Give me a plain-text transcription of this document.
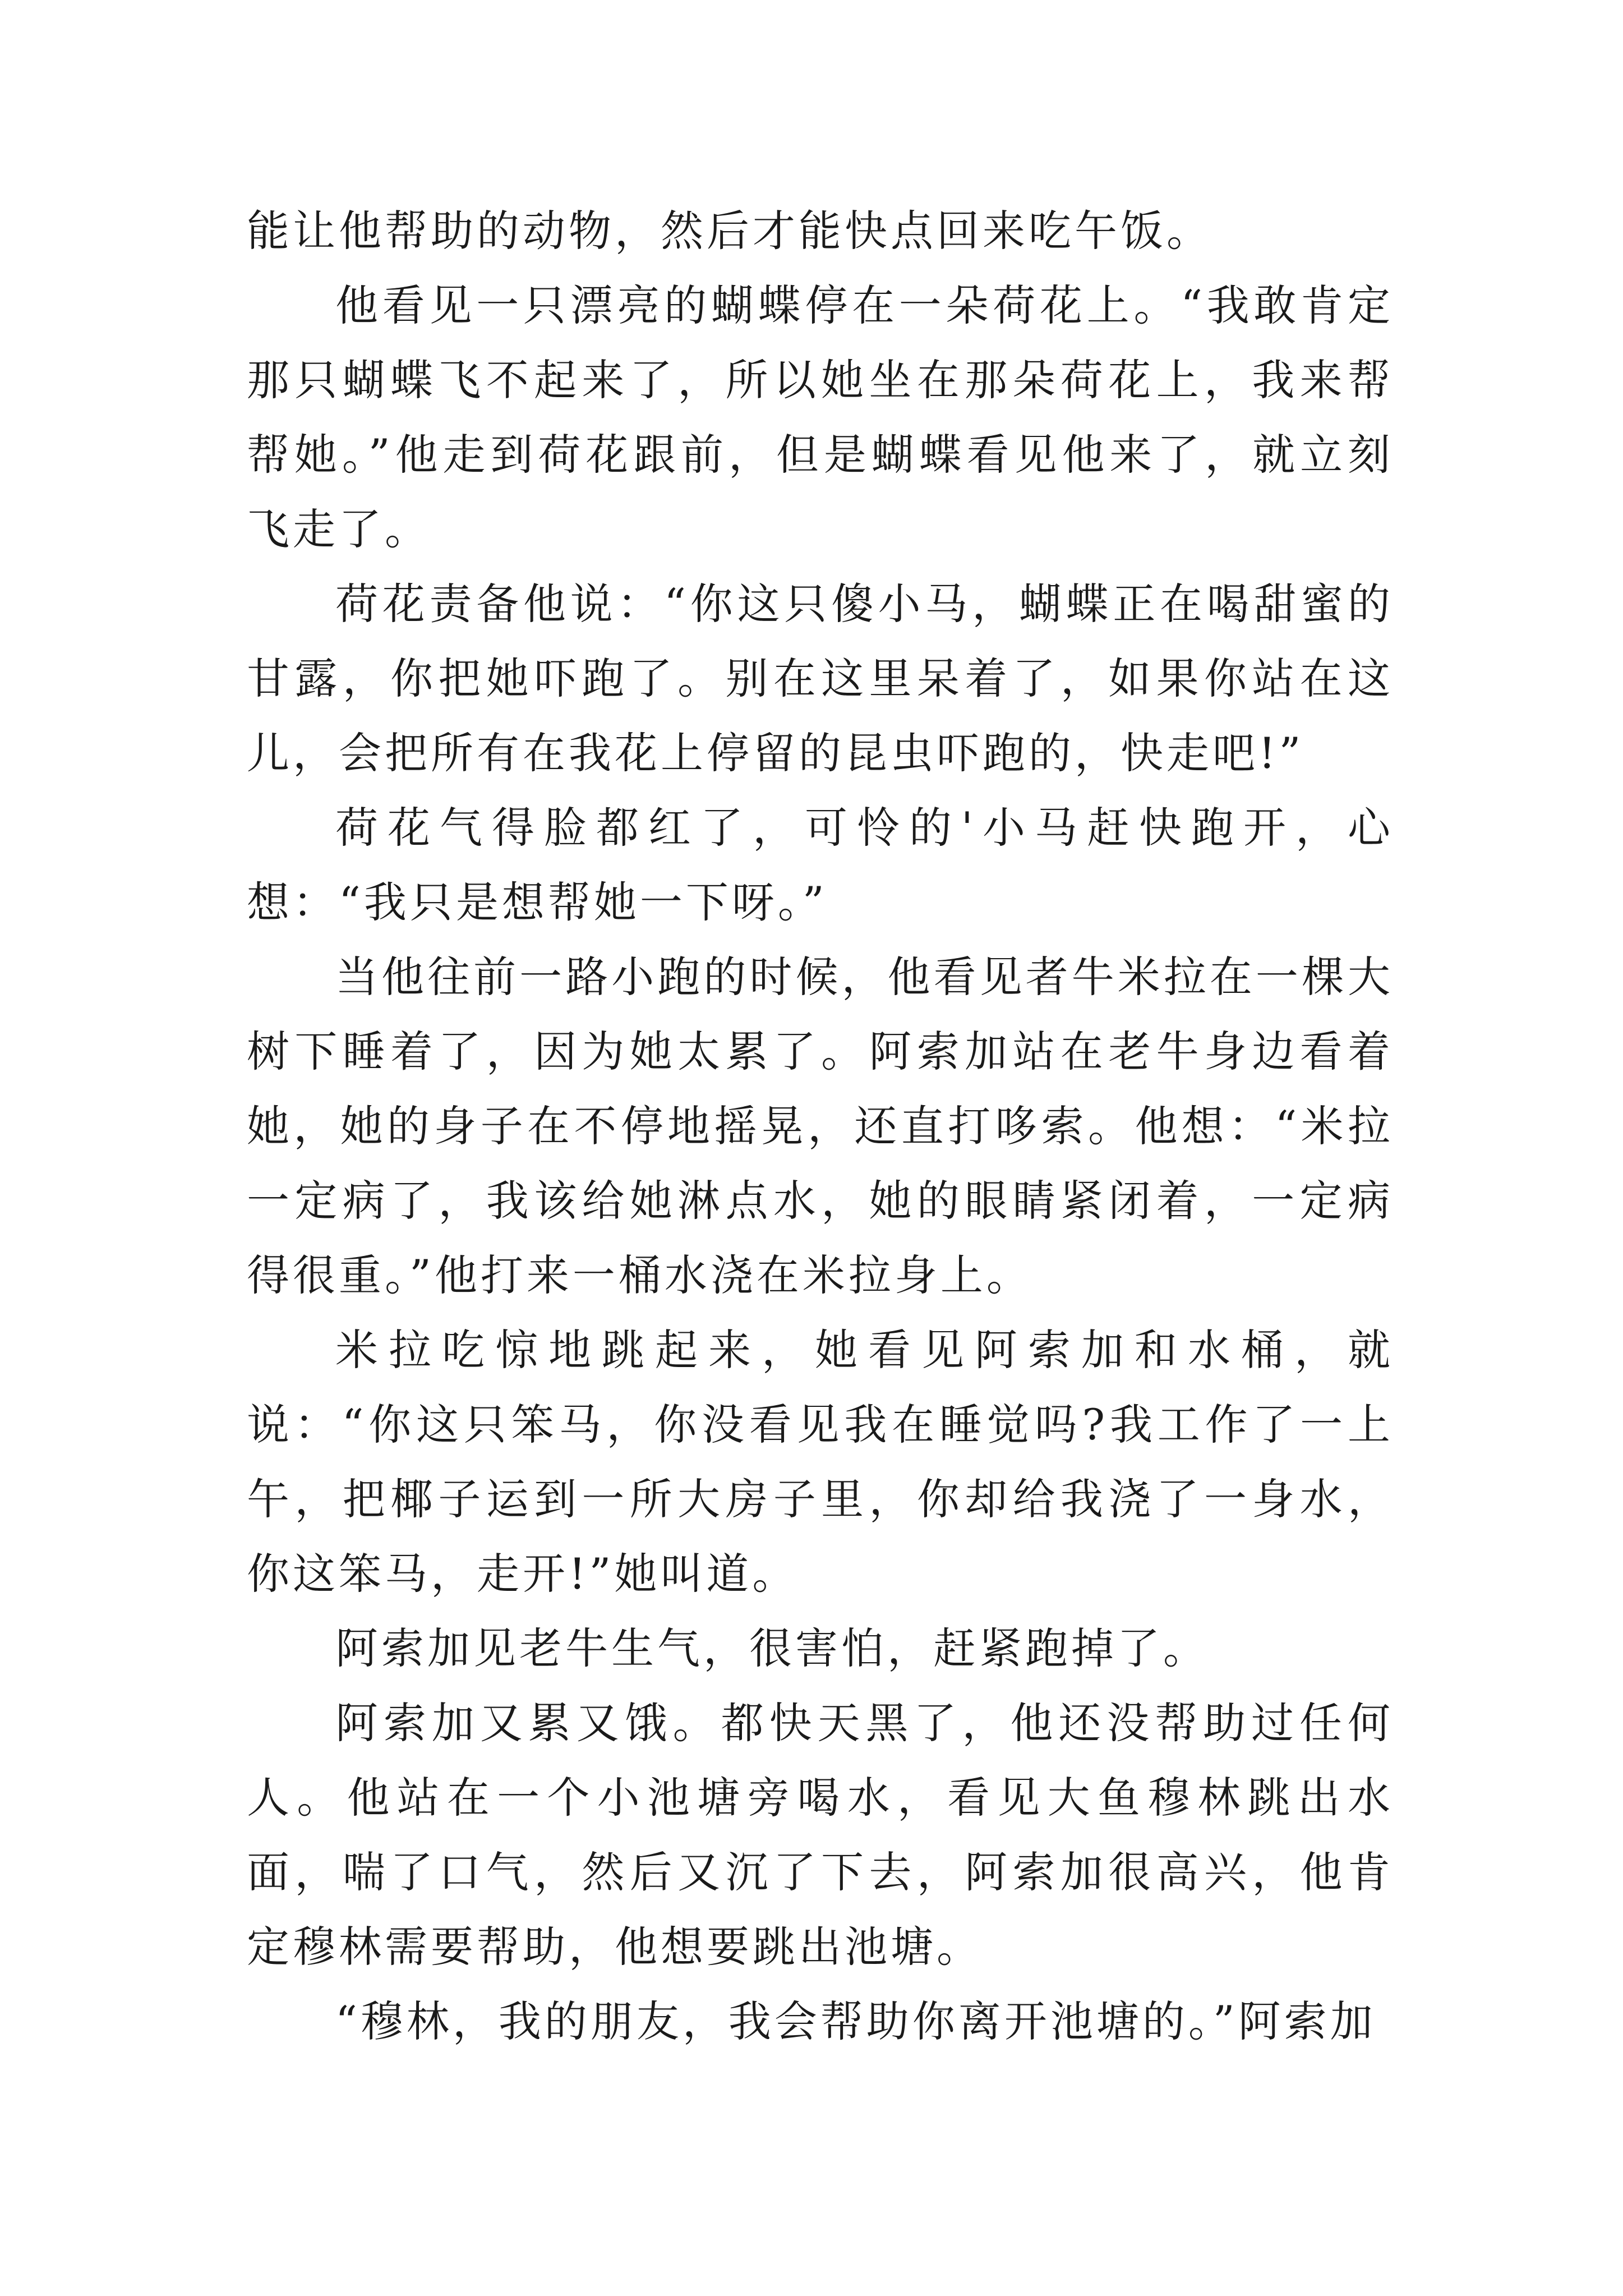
能让他帮助的动物，然后才能快点回来吃午饭。

他看见一只漂亮的蝴蝶停在一朵荷花上。“我敢肯定那只蝴蝶飞不起来了，所以她坐在那朵荷花上，我来帮帮她。”他走到荷花跟前，但是蝴蝶看见他来了，就立刻飞走了。

荷花责备他说：“你这只傻小马，蝴蝶正在喝甜蜜的甘露，你把她吓跑了。别在这里呆着了，如果你站在这儿，会把所有在我花上停留的昆虫吓跑的，快走吧!”

荷花气得脸都红了，可怜的'小马赶快跑开，心想：“我只是想帮她一下呀。”

当他往前一路小跑的时候，他看见者牛米拉在一棵大树下睡着了，因为她太累了。阿索加站在老牛身边看着她，她的身子在不停地摇晃，还直打哆索。他想：“米拉一定病了，我该给她淋点水，她的眼睛紧闭着，一定病得很重。”他打来一桶水浇在米拉身上。

米拉吃惊地跳起来，她看见阿索加和水桶，就说：“你这只笨马，你没看见我在睡觉吗?我工作了一上午，把椰子运到一所大房子里，你却给我浇了一身水，你这笨马，走开!”她叫道。

阿索加见老牛生气，很害怕，赶紧跑掉了。

阿索加又累又饿。都快天黑了，他还没帮助过任何人。他站在一个小池塘旁喝水，看见大鱼穆林跳出水面，喘了口气，然后又沉了下去，阿索加很高兴，他肯定穆林需要帮助，他想要跳出池塘。

“穆林，我的朋友，我会帮助你离开池塘的。”阿索加
